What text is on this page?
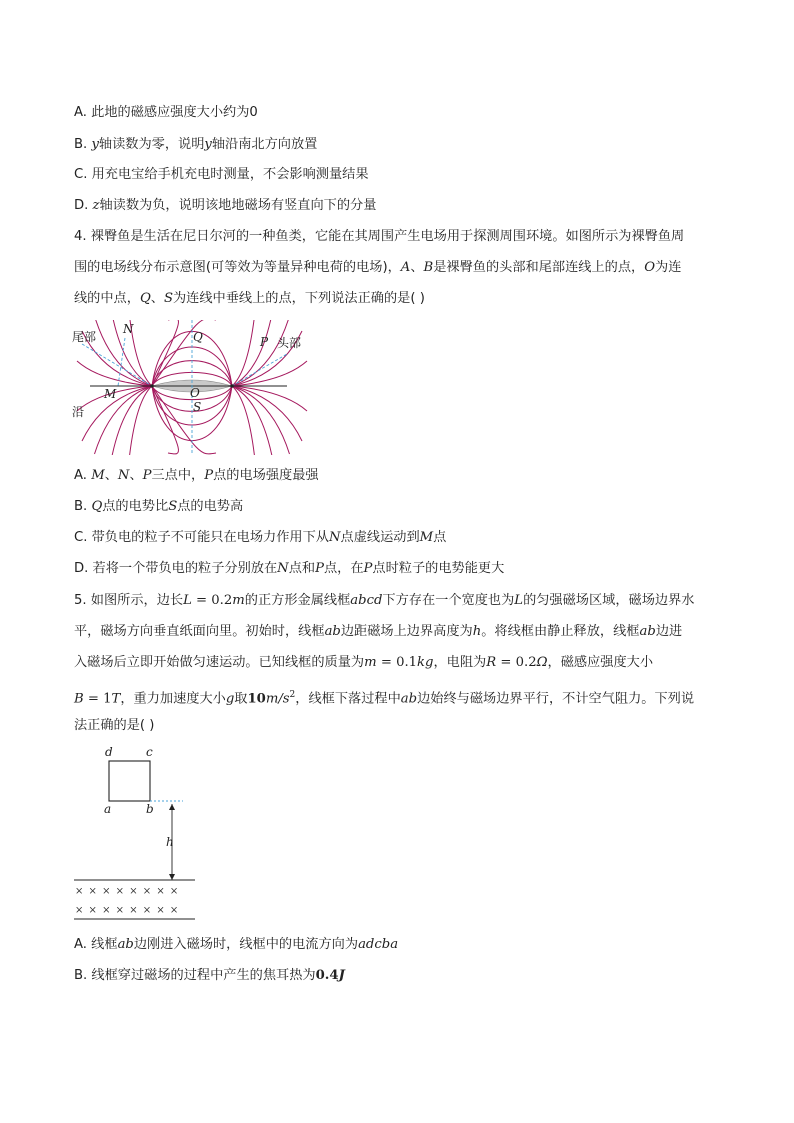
A. 此地的磁感应强度大小约为0
B. y轴读数为零，说明y轴沿南北方向放置
C. 用充电宝给手机充电时测量，不会影响测量结果
D. z轴读数为负，说明该地地磁场有竖直向下的分量
4. 裸臀鱼是生活在尼日尔河的一种鱼类，它能在其周围产生电场用于探测周围环境。如图所示为裸臀鱼周
围的电场线分布示意图(可等效为等量异种电荷的电场)，A、B是裸臀鱼的头部和尾部连线上的点，O为连
线的中点，Q、S为连线中垂线上的点，下列说法正确的是( )
尾部	头部
沿
N
Q	P
M	O
S
A. M、N、P三点中，P点的电场强度最强
B. Q点的电势比S点的电势高
C. 带负电的粒子不可能只在电场力作用下从N点虚线运动到M点
D. 若将一个带负电的粒子分别放在N点和P点，在P点时粒子的电势能更大
5. 如图所示，边长L = 0.2m的正方形金属线框abcd下方存在一个宽度也为L的匀强磁场区域，磁场边界水
平，磁场方向垂直纸面向里。初始时，线框ab边距磁场上边界高度为h。将线框由静止释放，线框ab边进
入磁场后立即开始做匀速运动。已知线框的质量为m = 0.1kg，电阻为R = 0.2Ω，磁感应强度大小
B = 1T，重力加速度大小g取$10m/s^2$，线框下落过程中ab边始终与磁场边界平行，不计空气阻力。下列说
法正确的是( )
d	c
a	b
h
× × × × × × × ×
× × × × × × × ×
A. 线框ab边刚进入磁场时，线框中的电流方向为adcba
B. 线框穿过磁场的过程中产生的焦耳热为0.4J
